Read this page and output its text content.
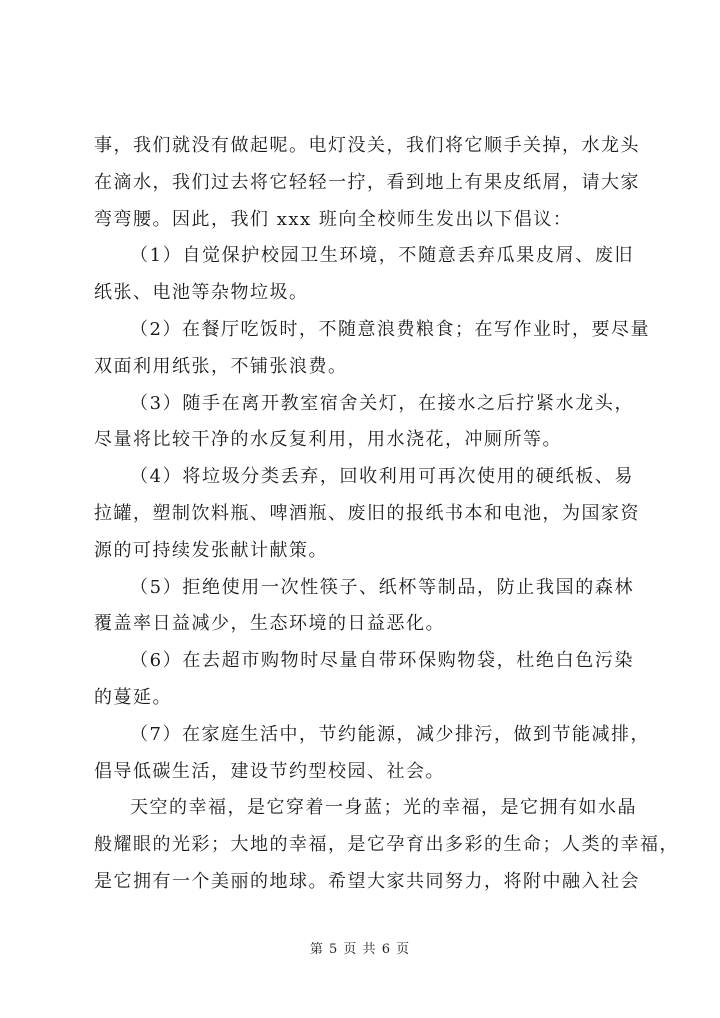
事，我们就没有做起呢。电灯没关，我们将它顺手关掉，水龙头
在滴水，我们过去将它轻轻一拧，看到地上有果皮纸屑，请大家
弯弯腰。因此，我们 xxx 班向全校师生发出以下倡议：
（1）自觉保护校园卫生环境，不随意丢弃瓜果皮屑、废旧
纸张、电池等杂物垃圾。
（2）在餐厅吃饭时，不随意浪费粮食；在写作业时，要尽量
双面利用纸张，不铺张浪费。
（3）随手在离开教室宿舍关灯，在接水之后拧紧水龙头，
尽量将比较干净的水反复利用，用水浇花，冲厕所等。
（4）将垃圾分类丢弃，回收利用可再次使用的硬纸板、易
拉罐，塑制饮料瓶、啤酒瓶、废旧的报纸书本和电池，为国家资
源的可持续发张献计献策。
（5）拒绝使用一次性筷子、纸杯等制品，防止我国的森林
覆盖率日益减少，生态环境的日益恶化。
（6）在去超市购物时尽量自带环保购物袋，杜绝白色污染
的蔓延。
（7）在家庭生活中，节约能源，减少排污，做到节能减排，
倡导低碳生活，建设节约型校园、社会。
天空的幸福，是它穿着一身蓝；光的幸福，是它拥有如水晶
般耀眼的光彩；大地的幸福，是它孕育出多彩的生命；人类的幸福，
是它拥有一个美丽的地球。希望大家共同努力，将附中融入社会
第 5 页 共 6 页
